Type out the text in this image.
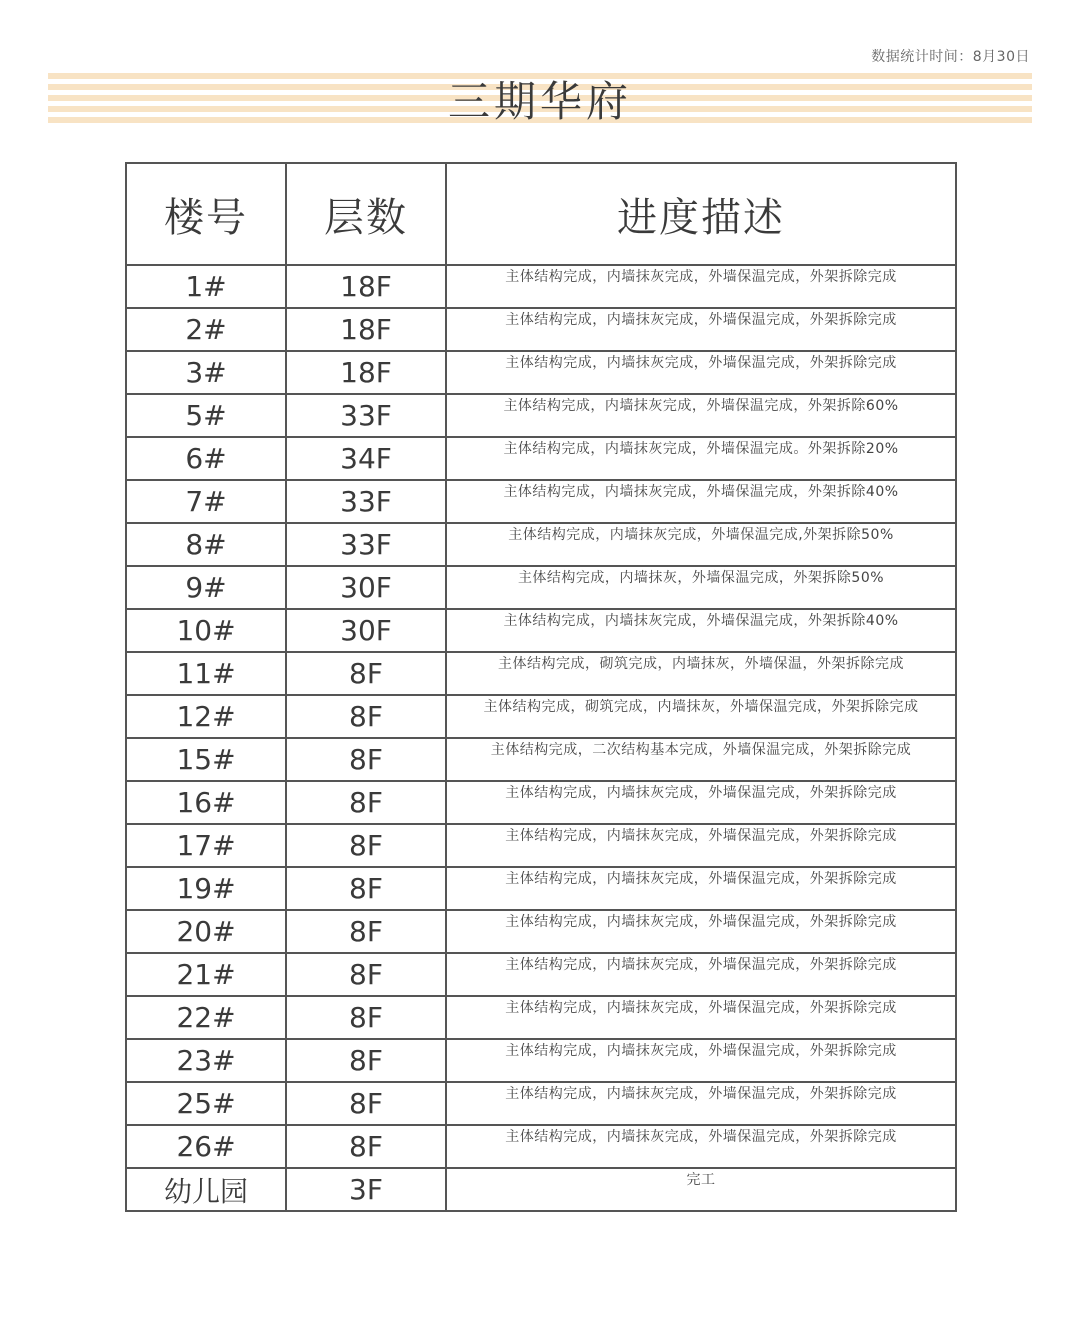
数据统计时间：8月30日
三期华府
楼号	层数	进度描述
1#	18F	主体结构完成，内墙抹灰完成，外墙保温完成，外架拆除完成
2#	18F	主体结构完成，内墙抹灰完成，外墙保温完成，外架拆除完成
3#	18F	主体结构完成，内墙抹灰完成，外墙保温完成，外架拆除完成
5#	33F	主体结构完成，内墙抹灰完成，外墙保温完成，外架拆除60%
6#	34F	主体结构完成，内墙抹灰完成，外墙保温完成。外架拆除20%
7#	33F	主体结构完成，内墙抹灰完成，外墙保温完成，外架拆除40%
8#	33F	主体结构完成，内墙抹灰完成，外墙保温完成,外架拆除50%
9#	30F	主体结构完成，内墙抹灰，外墙保温完成，外架拆除50%
10#	30F	主体结构完成，内墙抹灰完成，外墙保温完成，外架拆除40%
11#	8F	主体结构完成，砌筑完成，内墙抹灰，外墙保温，外架拆除完成
12#	8F	主体结构完成，砌筑完成，内墙抹灰，外墙保温完成，外架拆除完成
15#	8F	主体结构完成，二次结构基本完成，外墙保温完成，外架拆除完成
16#	8F	主体结构完成，内墙抹灰完成，外墙保温完成，外架拆除完成
17#	8F	主体结构完成，内墙抹灰完成，外墙保温完成，外架拆除完成
19#	8F	主体结构完成，内墙抹灰完成，外墙保温完成，外架拆除完成
20#	8F	主体结构完成，内墙抹灰完成，外墙保温完成，外架拆除完成
21#	8F	主体结构完成，内墙抹灰完成，外墙保温完成，外架拆除完成
22#	8F	主体结构完成，内墙抹灰完成，外墙保温完成，外架拆除完成
23#	8F	主体结构完成，内墙抹灰完成，外墙保温完成，外架拆除完成
25#	8F	主体结构完成，内墙抹灰完成，外墙保温完成，外架拆除完成
26#	8F	主体结构完成，内墙抹灰完成，外墙保温完成，外架拆除完成
幼儿园	3F	完工
